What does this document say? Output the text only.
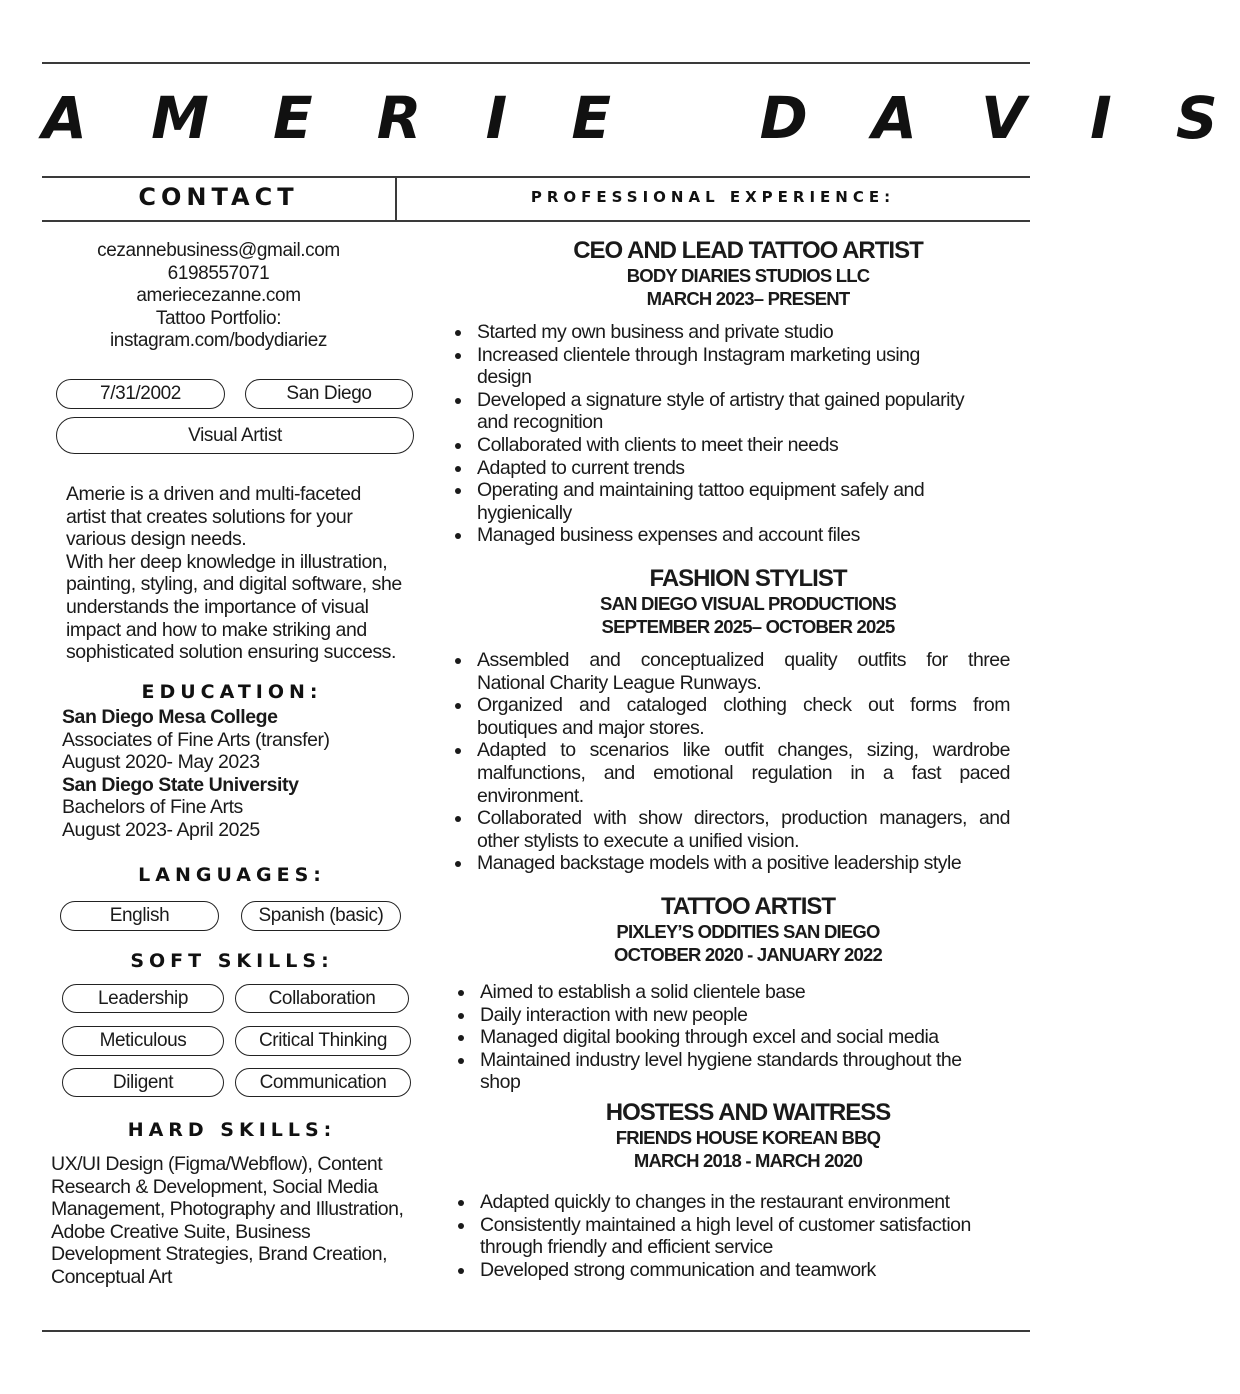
A M E R I E   D A V I S
CONTACT	PROFESSIONAL EXPERIENCE:
cezannebusiness@gmail.com
6198557071
ameriecezanne.com
Tattoo Portfolio:
instagram.com/bodydiariez
7/31/2002	San Diego
Visual Artist
Amerie is a driven and multi-faceted
artist that creates solutions for your
various design needs.
With her deep knowledge in illustration,
painting, styling, and digital software, she
understands the importance of visual
impact and how to make striking and
sophisticated solution ensuring success.
EDUCATION:
San Diego Mesa College
Associates of Fine Arts (transfer)
August 2020- May 2023
San Diego State University
Bachelors of Fine Arts
August 2023- April 2025
LANGUAGES:
English	Spanish (basic)
SOFT SKILLS:
Leadership	Collaboration
Meticulous	Critical Thinking
Diligent	Communication
HARD SKILLS:
UX/UI Design (Figma/Webflow), Content
Research & Development, Social Media
Management, Photography and Illustration,
Adobe Creative Suite, Business
Development Strategies, Brand Creation,
Conceptual Art
CEO AND LEAD TATTOO ARTIST
BODY DIARIES STUDIOS LLC
MARCH 2023– PRESENT
Started my own business and private studio
Increased clientele through Instagram marketing using
design
Developed a signature style of artistry that gained popularity
and recognition
Collaborated with clients to meet their needs
Adapted to current trends
Operating and maintaining tattoo equipment safely and
hygienically
Managed business expenses and account files
FASHION STYLIST
SAN DIEGO VISUAL PRODUCTIONS
SEPTEMBER 2025– OCTOBER 2025
Assembled and conceptualized quality outfits for three
National Charity League Runways.
Organized and cataloged clothing check out forms from
boutiques and major stores.
Adapted to scenarios like outfit changes, sizing, wardrobe
malfunctions, and emotional regulation in a fast paced
environment.
Collaborated with show directors, production managers, and
other stylists to execute a unified vision.
Managed backstage models with a positive leadership style
TATTOO ARTIST
PIXLEY’S ODDITIES SAN DIEGO
OCTOBER 2020 - JANUARY 2022
Aimed to establish a solid clientele base
Daily interaction with new people
Managed digital booking through excel and social media
Maintained industry level hygiene standards throughout the
shop
HOSTESS AND WAITRESS
FRIENDS HOUSE KOREAN BBQ
MARCH 2018 - MARCH 2020
Adapted quickly to changes in the restaurant environment
Consistently maintained a high level of customer satisfaction
through friendly and efficient service
Developed strong communication and teamwork
